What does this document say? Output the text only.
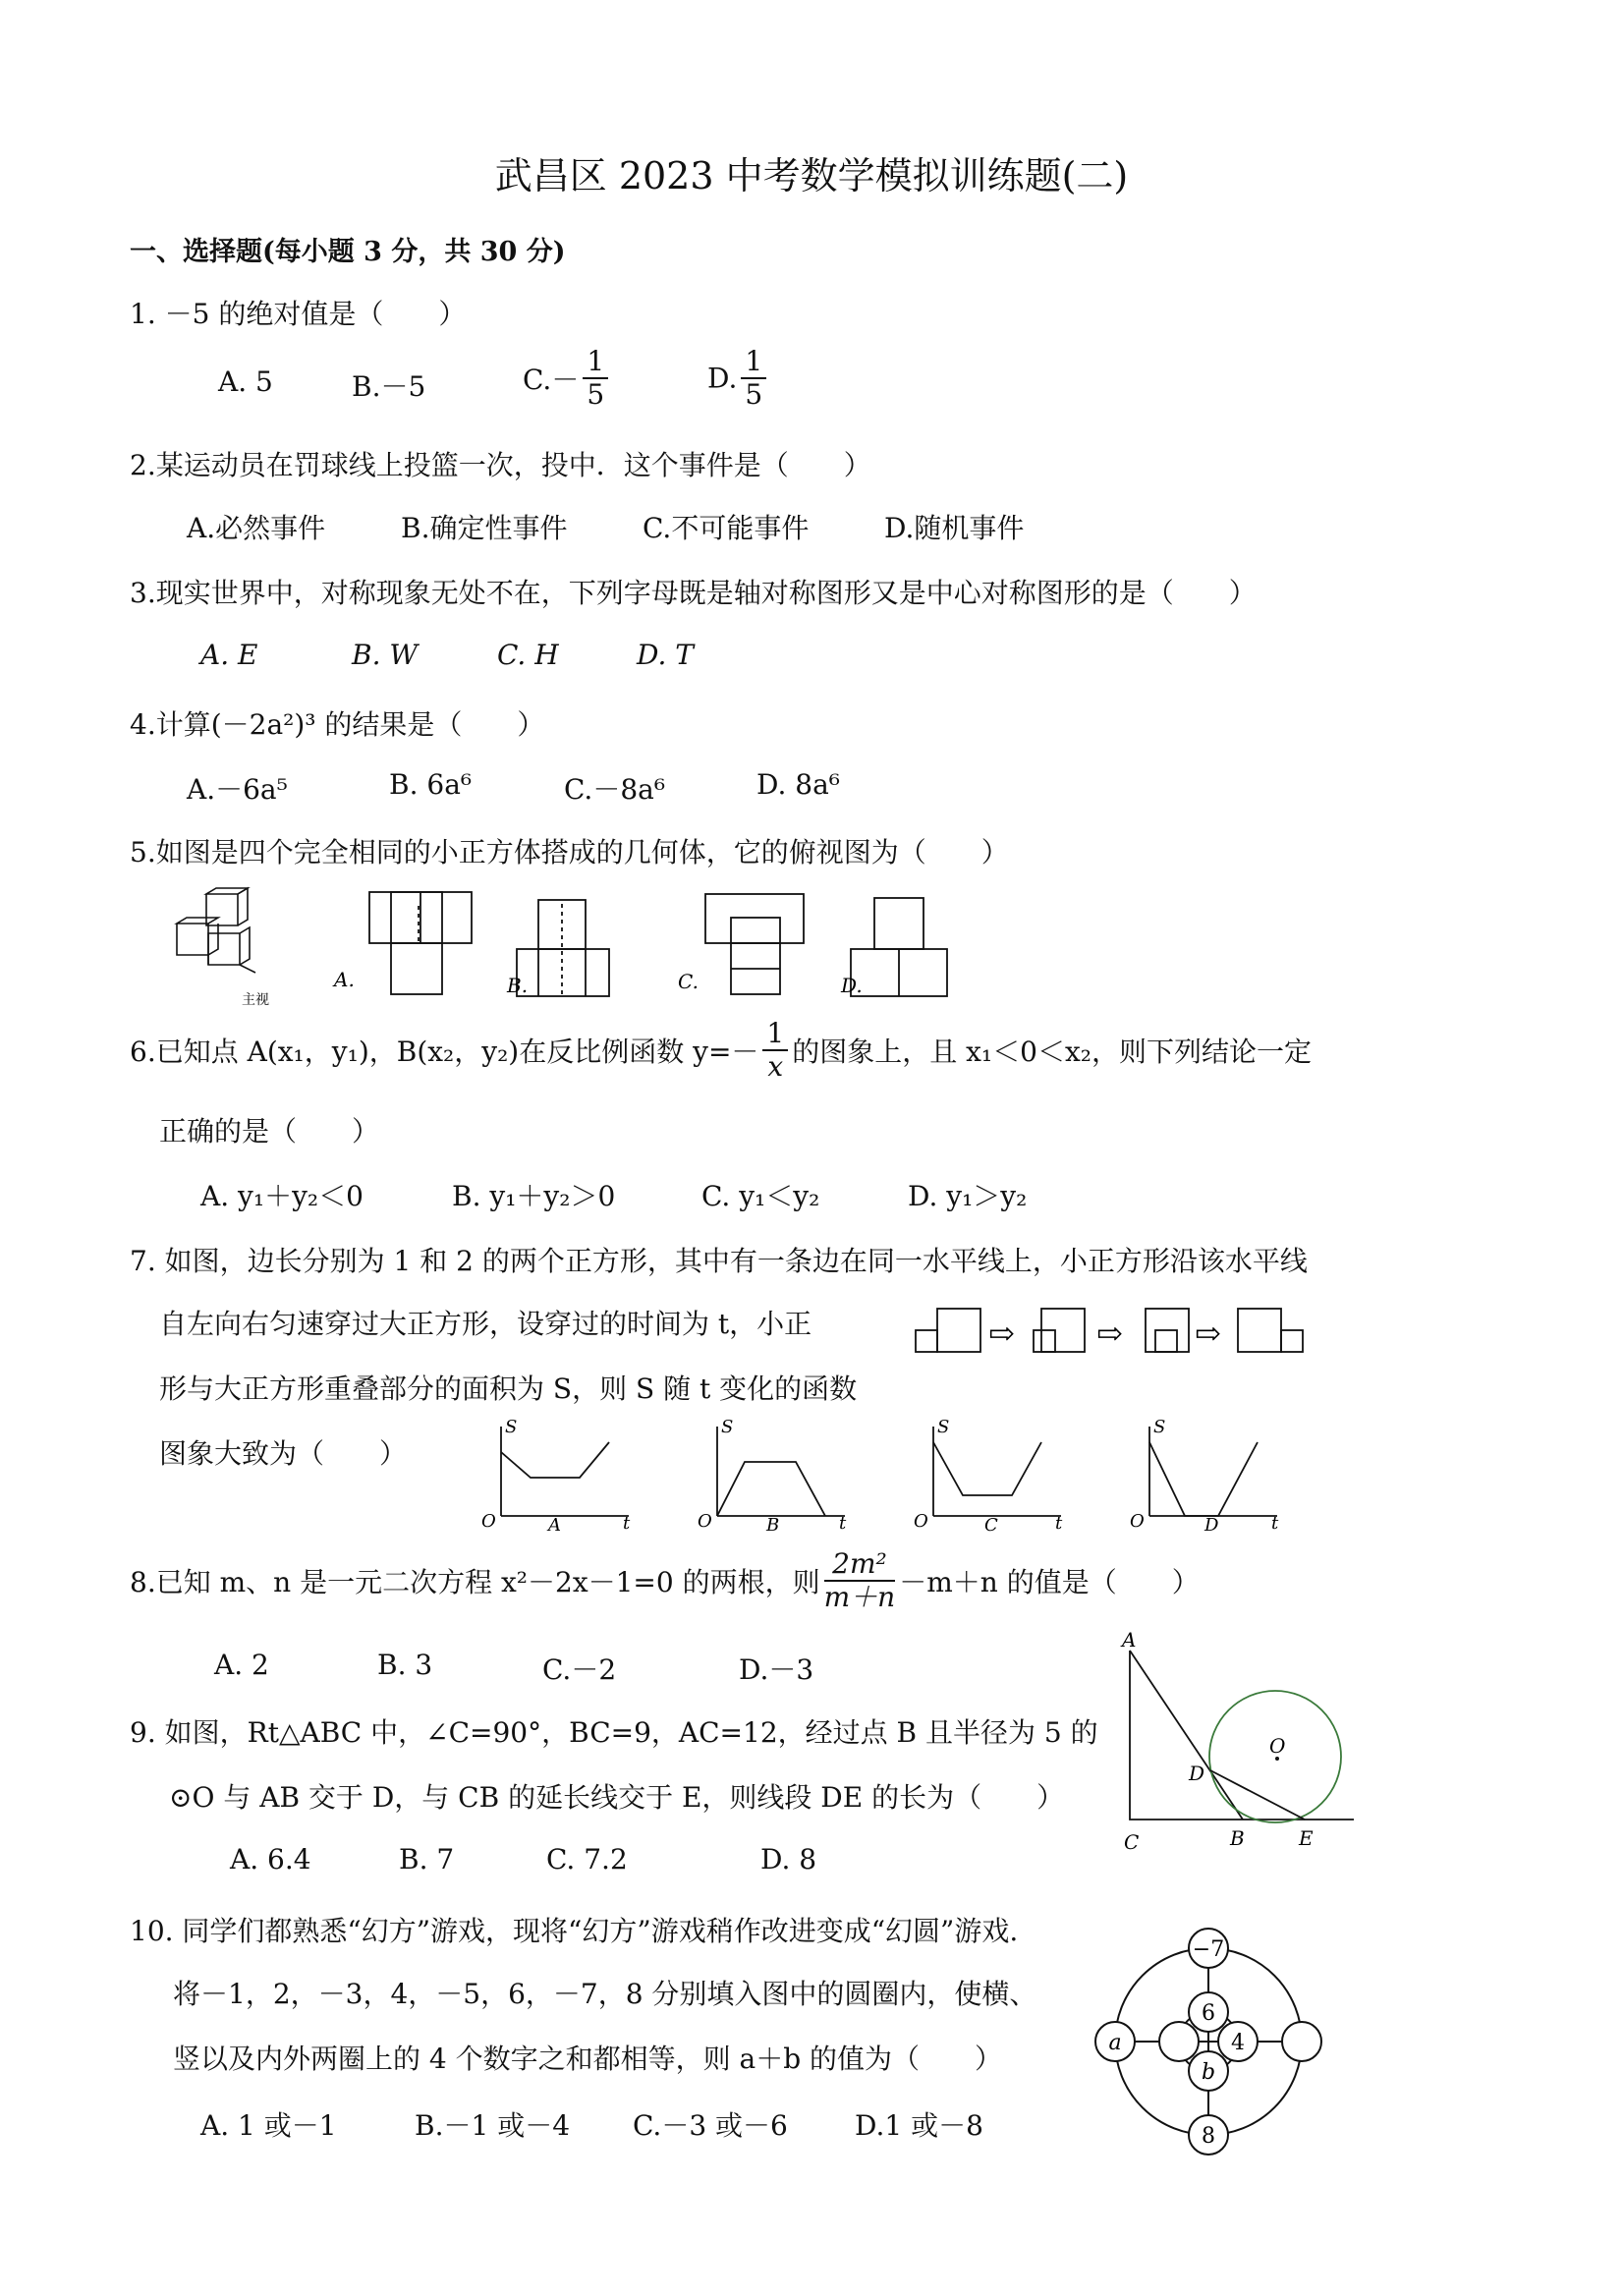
武昌区 2023 中考数学模拟训练题(二)
一、选择题(每小题 3 分，共 30 分)
1. －5 的绝对值是（　　）
A. 5	B.－5	$C.- \frac{1}{5}$	D. $\frac{1}{5}$
2.某运动员在罚球线上投篮一次，投中．这个事件是（　　）
A.必然事件	B.确定性事件	C.不可能事件	D.随机事件
3.现实世界中，对称现象无处不在，下列字母既是轴对称图形又是中心对称图形的是（　　）
A. E	B. W	C. H	D. T
4.计算(－2a²)³ 的结果是（　　）
A.－6a⁵	B. 6a⁶	C.－8a⁶	D. 8a⁶
5.如图是四个完全相同的小正方体搭成的几何体，它的俯视图为（　　）
主视
A.	B.	C.	D.
6.已知点 A(x₁，y₁)，B(x₂，y₂)在反比例函数 $y=- \frac{1}{x}$ 的图象上，且 x₁＜0＜x₂，则下列结论一定
正确的是（　　）
A. y₁＋y₂＜0	B. y₁＋y₂＞0	C. y₁＜y₂	D. y₁＞y₂
7. 如图，边长分别为 1 和 2 的两个正方形，其中有一条边在同一水平线上，小正方形沿该水平线
自左向右匀速穿过大正方形，设穿过的时间为 t，小正
形与大正方形重叠部分的面积为 S，则 S 随 t 变化的函数
图象大致为（　　）
⇨	⇨ ⇨
S
O	t
A
S
O	t
B
S
O	t
C
S
O	t
D
8.已知 m、n 是一元二次方程 x²－2x－1=0 的两根，则 $\frac{\text{2m²}}{m+n} -m+n$ 的值是（　　）
A. 2	B. 3	C.－2	D.－3
A
C	B	E
D
O
9. 如图，Rt△ABC 中，∠C=90°，BC=9，AC=12，经过点 B 且半径为 5 的
⊙O 与 AB 交于 D，与 CB 的延长线交于 E，则线段 DE 的长为（　　）
A. 6.4	B. 7	C. 7.2	D. 8
10. 同学们都熟悉“幻方”游戏，现将“幻方”游戏稍作改进变成“幻圆”游戏.
将－1，2，－3，4，－5，6，－7，8 分别填入图中的圆圈内，使横、
竖以及内外两圈上的 4 个数字之和都相等，则 a＋b 的值为（　　）
A. 1 或－1	B.－1 或－4 C.－3 或－6 D.1 或－8
−7
6
a	4
b
8
